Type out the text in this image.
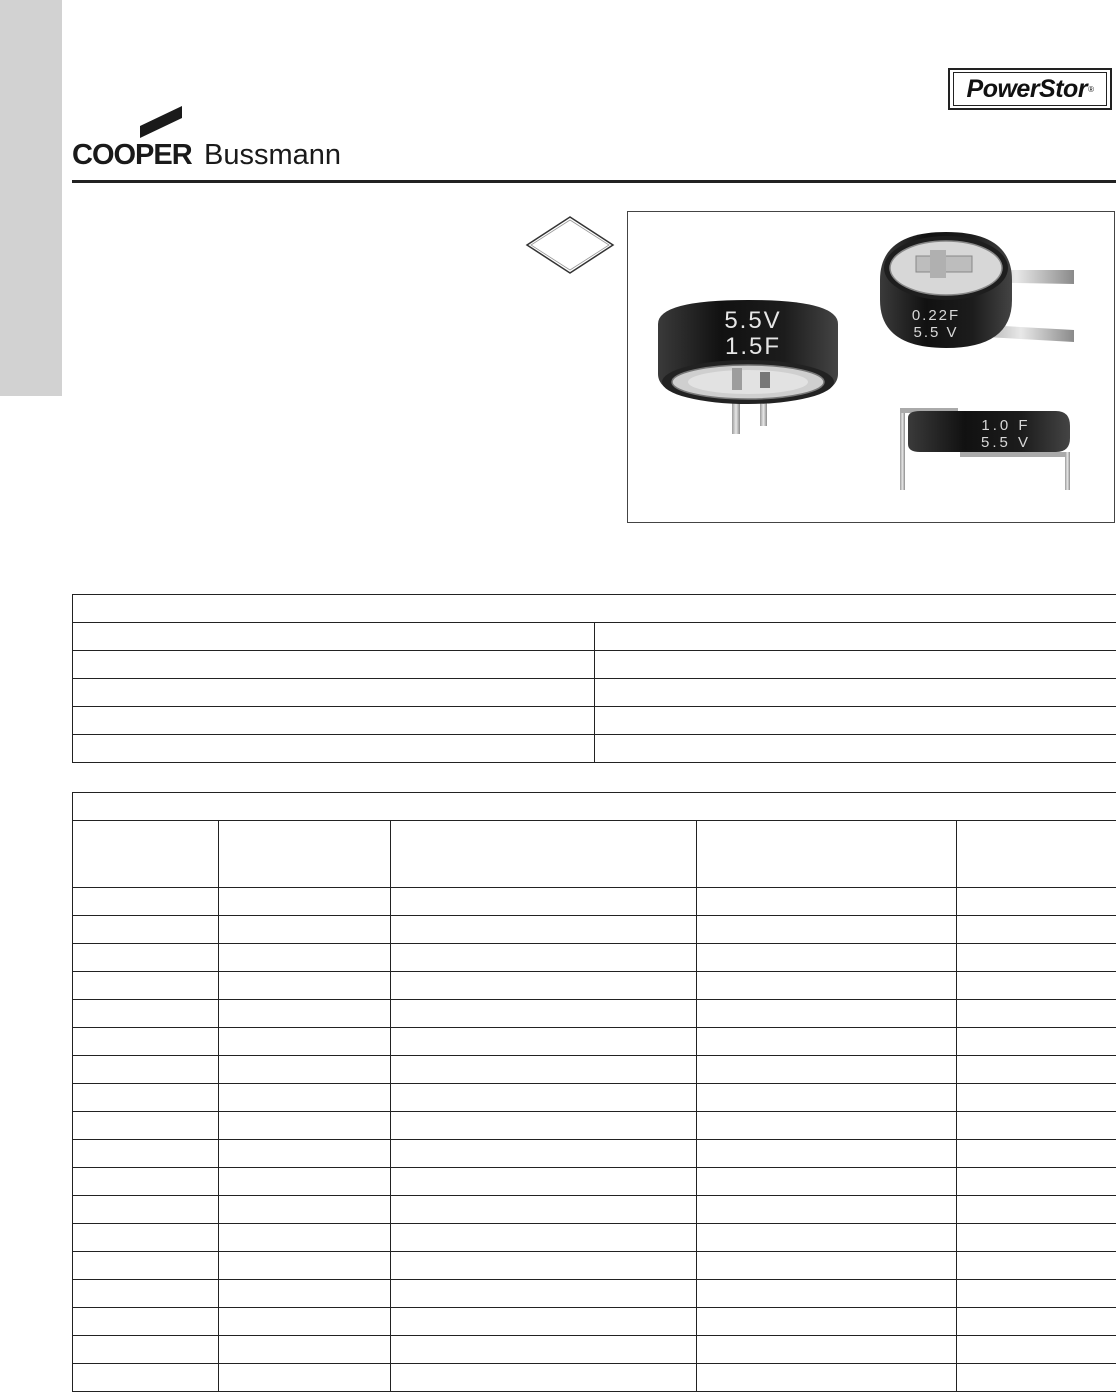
COOPER Bussmann
PowerStor ®
5.5V
1.5F
0.22F
5.5 V
1.0 F
5.5 V
